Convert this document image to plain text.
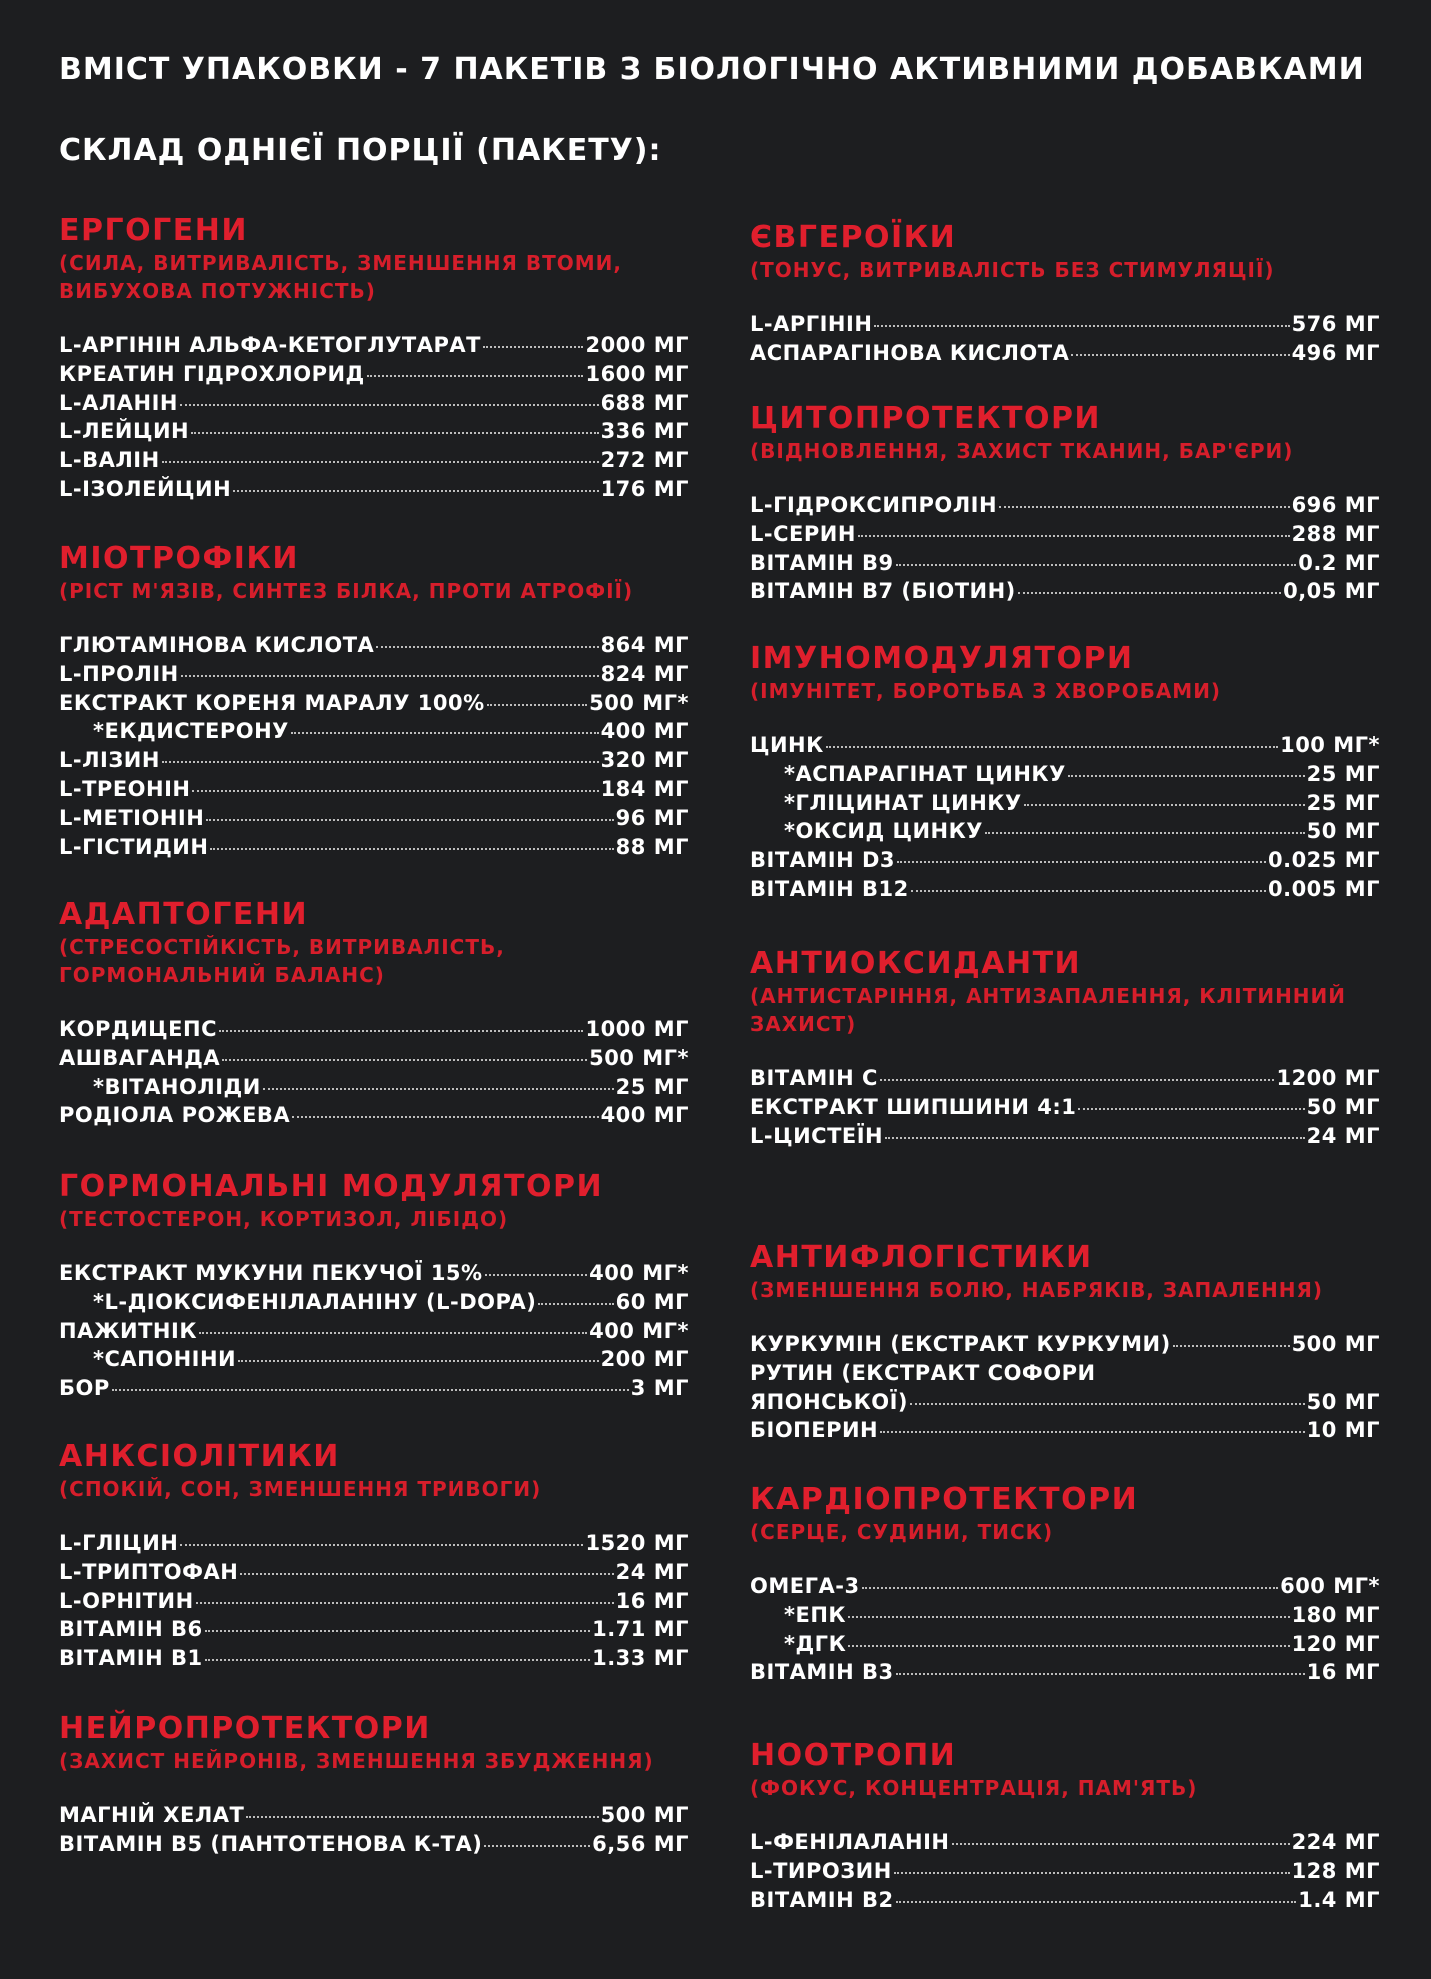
ВМІСТ УПАКОВКИ - 7 ПАКЕТІВ З БІОЛОГІЧНО АКТИВНИМИ ДОБАВКАМИ
СКЛАД ОДНІЄЇ ПОРЦІЇ (ПАКЕТУ):
ЕРГОГЕНИ
(СИЛА, ВИТРИВАЛІСТЬ, ЗМЕНШЕННЯ ВТОМИ, ВИБУХОВА ПОТУЖНІСТЬ)
L-АРГІНІН АЛЬФА-КЕТОГЛУТАРАТ	2000 МГ
КРЕАТИН ГІДРОХЛОРИД	1600 МГ
L-АЛАНІН	688 МГ
L-ЛЕЙЦИН	336 МГ
L-ВАЛІН	272 МГ
L-ІЗОЛЕЙЦИН	176 МГ
МІОТРОФІКИ
(РІСТ М'ЯЗІВ, СИНТЕЗ БІЛКА, ПРОТИ АТРОФІЇ)
ГЛЮТАМІНОВА КИСЛОТА	864 МГ
L-ПРОЛІН	824 МГ
ЕКСТРАКТ КОРЕНЯ МАРАЛУ 100%	500 МГ*
*ЕКДИСТЕРОНУ	400 МГ
L-ЛІЗИН	320 МГ
L-ТРЕОНІН	184 МГ
L-МЕТІОНІН	96 МГ
L-ГІСТИДИН	88 МГ
АДАПТОГЕНИ
(СТРЕСОСТІЙКІСТЬ, ВИТРИВАЛІСТЬ, ГОРМОНАЛЬНИЙ БАЛАНС)
КОРДИЦЕПС	1000 МГ
АШВАГАНДА	500 МГ*
*ВІТАНОЛІДИ	25 МГ
РОДІОЛА РОЖЕВА	400 МГ
ГОРМОНАЛЬНІ МОДУЛЯТОРИ
(ТЕСТОСТЕРОН, КОРТИЗОЛ, ЛІБІДО)
ЕКСТРАКТ МУКУНИ ПЕКУЧОЇ 15%	400 МГ*
*L-ДІОКСИФЕНІЛАЛАНІНУ (L-DOPA)	60 МГ
ПАЖИТНІК	400 МГ*
*САПОНІНИ	200 МГ
БОР	3 МГ
АНКСІОЛІТИКИ
(СПОКІЙ, СОН, ЗМЕНШЕННЯ ТРИВОГИ)
L-ГЛІЦИН	1520 МГ
L-ТРИПТОФАН	24 МГ
L-ОРНІТИН	16 МГ
ВІТАМІН В6	1.71 МГ
ВІТАМІН В1	1.33 МГ
НЕЙРОПРОТЕКТОРИ
(ЗАХИСТ НЕЙРОНІВ, ЗМЕНШЕННЯ ЗБУДЖЕННЯ)
МАГНІЙ ХЕЛАТ	500 МГ
ВІТАМІН В5 (ПАНТОТЕНОВА К-ТА)	6,56 МГ
ЄВГЕРОЇКИ
(ТОНУС, ВИТРИВАЛІСТЬ БЕЗ СТИМУЛЯЦІЇ)
L-АРГІНІН	576 МГ
АСПАРАГІНОВА КИСЛОТА	496 МГ
ЦИТОПРОТЕКТОРИ
(ВІДНОВЛЕННЯ, ЗАХИСТ ТКАНИН, БАР'ЄРИ)
L-ГІДРОКСИПРОЛІН	696 МГ
L-СЕРИН	288 МГ
ВІТАМІН В9	0.2 МГ
ВІТАМІН В7 (БІОТИН)	0,05 МГ
ІМУНОМОДУЛЯТОРИ
(ІМУНІТЕТ, БОРОТЬБА З ХВОРОБАМИ)
ЦИНК	100 МГ*
*АСПАРАГІНАТ ЦИНКУ	25 МГ
*ГЛІЦИНАТ ЦИНКУ	25 МГ
*ОКСИД ЦИНКУ	50 МГ
ВІТАМІН D3	0.025 МГ
ВІТАМІН В12	0.005 МГ
АНТИОКСИДАНТИ
(АНТИСТАРІННЯ, АНТИЗАПАЛЕННЯ, КЛІТИННИЙ ЗАХИСТ)
ВІТАМІН С	1200 МГ
ЕКСТРАКТ ШИПШИНИ 4:1	50 МГ
L-ЦИСТЕЇН	24 МГ
АНТИФЛОГІСТИКИ
(ЗМЕНШЕННЯ БОЛЮ, НАБРЯКІВ, ЗАПАЛЕННЯ)
КУРКУМІН (ЕКСТРАКТ КУРКУМИ)	500 МГ
РУТИН (ЕКСТРАКТ СОФОРИ
ЯПОНСЬКОЇ)	50 МГ
БІОПЕРИН	10 МГ
КАРДІОПРОТЕКТОРИ
(СЕРЦЕ, СУДИНИ, ТИСК)
ОМЕГА-3	600 МГ*
*ЕПК	180 МГ
*ДГК	120 МГ
ВІТАМІН В3	16 МГ
НООТРОПИ
(ФОКУС, КОНЦЕНТРАЦІЯ, ПАМ'ЯТЬ)
L-ФЕНІЛАЛАНІН	224 МГ
L-ТИРОЗИН	128 МГ
ВІТАМІН В2	1.4 МГ
